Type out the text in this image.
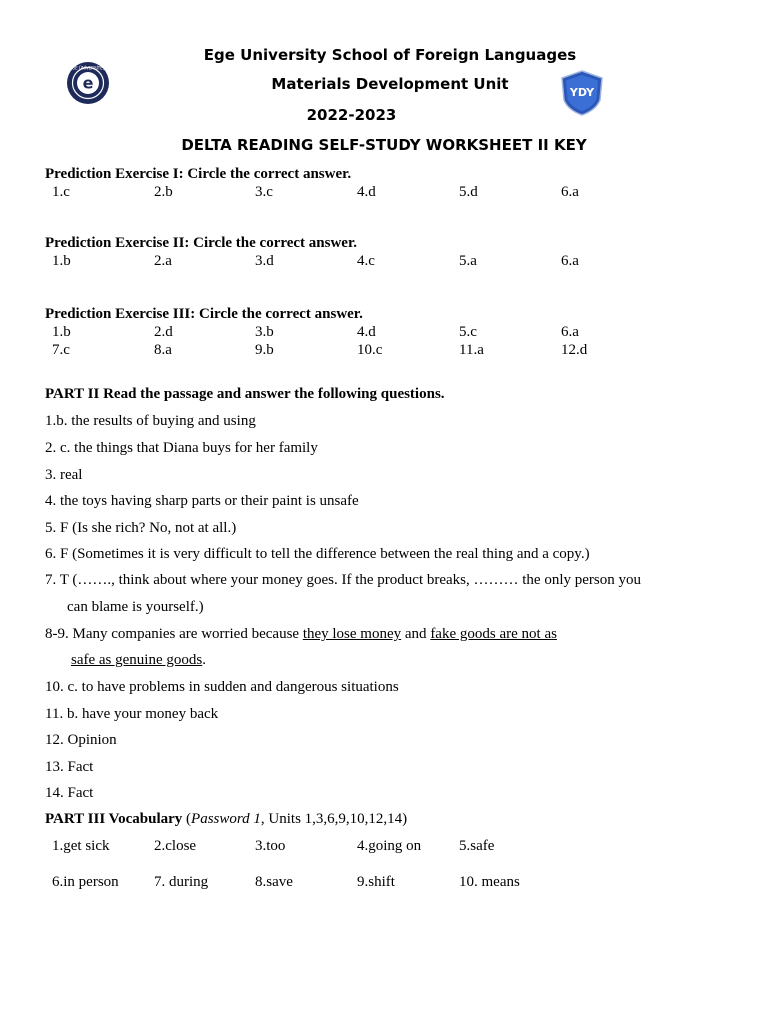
e
EGE ÜNİVERSİTESİ
YDY
Ege University School of Foreign Languages
Materials Development Unit
2022-2023
DELTA READING SELF-STUDY WORKSHEET II KEY
Prediction Exercise I: Circle the correct answer.
1.c	2.b	3.c	4.d	5.d	6.a
Prediction Exercise II: Circle the correct answer.
1.b	2.a	3.d	4.c	5.a	6.a
Prediction Exercise III: Circle the correct answer.
1.b	2.d	3.b	4.d	5.c	6.a
7.c	8.a	9.b	10.c	11.a	12.d
PART II Read the passage and answer the following questions.
1.b. the results of buying and using
2. c. the things that Diana buys for her family
3. real
4. the toys having sharp parts or their paint is unsafe
5. F (Is she rich? No, not at all.)
6. F (Sometimes it is very difficult to tell the difference between the real thing and a copy.)
7. T (……., think about where your money goes. If the product breaks, ……… the only person you
can blame is yourself.)
8-9. Many companies are worried because they lose money and fake goods are not as
safe as genuine goods.
10. c. to have problems in sudden and dangerous situations
11. b. have your money back
12. Opinion
13. Fact
14. Fact
PART III Vocabulary (Password 1, Units 1,3,6,9,10,12,14)
1.get sick	2.close	3.too	4.going on	5.safe
6.in person 7. during	8.save	9.shift	10. means
